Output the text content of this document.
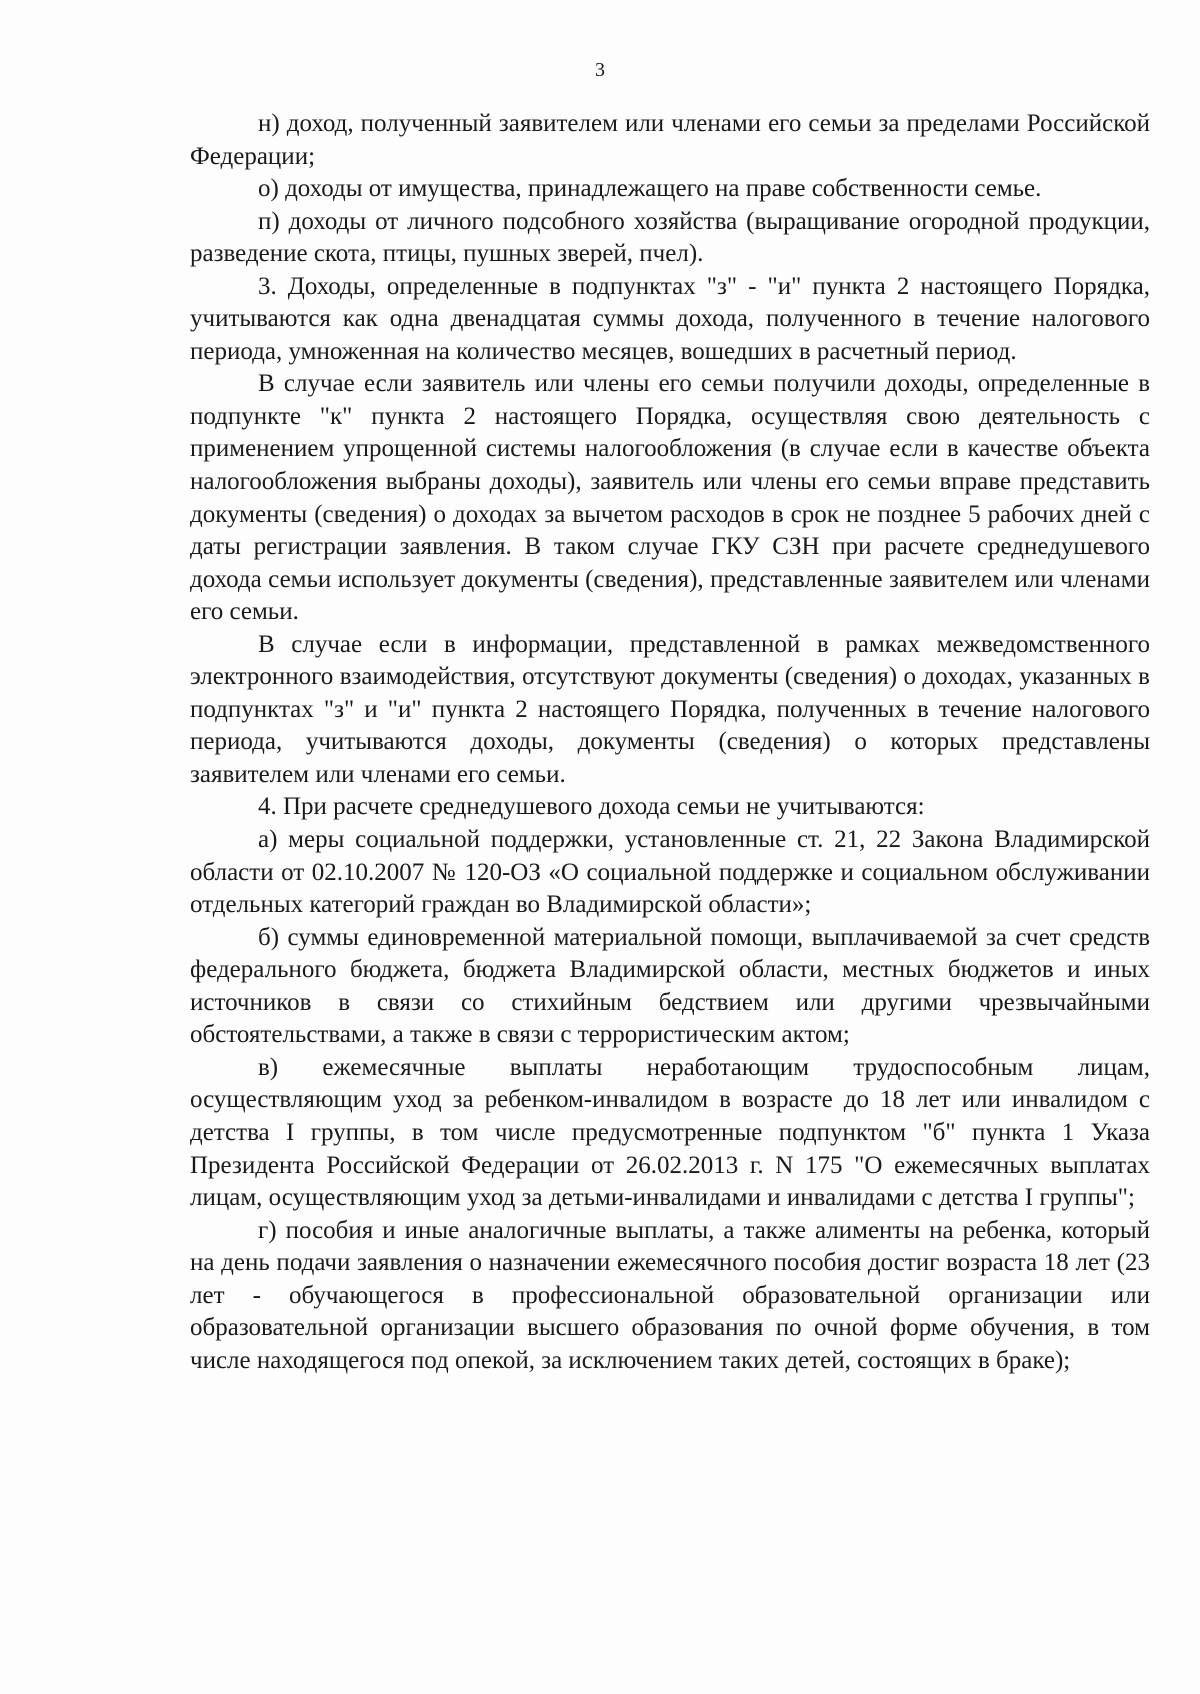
3

н) доход, полученный заявителем или членами его семьи за пределами Российской Федерации;

о) доходы от имущества, принадлежащего на праве собственности семье.

п) доходы от личного подсобного хозяйства (выращивание огородной продукции, разведение скота, птицы, пушных зверей, пчел).

3. Доходы, определенные в подпунктах "з" - "и" пункта 2 настоящего Порядка, учитываются как одна двенадцатая суммы дохода, полученного в течение налогового периода, умноженная на количество месяцев, вошедших в расчетный период.

В случае если заявитель или члены его семьи получили доходы, определенные в подпункте "к" пункта 2 настоящего Порядка, осуществляя свою деятельность с применением упрощенной системы налогообложения (в случае если в качестве объекта налогообложения выбраны доходы), заявитель или члены его семьи вправе представить документы (сведения) о доходах за вычетом расходов в срок не позднее 5 рабочих дней с даты регистрации заявления. В таком случае ГКУ СЗН при расчете среднедушевого дохода семьи использует документы (сведения), представленные заявителем или членами его семьи.

В случае если в информации, представленной в рамках межведомственного электронного взаимодействия, отсутствуют документы (сведения) о доходах, указанных в подпунктах "з" и "и" пункта 2 настоящего Порядка, полученных в течение налогового периода, учитываются доходы, документы (сведения) о которых представлены заявителем или членами его семьи.

4. При расчете среднедушевого дохода семьи не учитываются:

а) меры социальной поддержки, установленные ст. 21, 22 Закона Владимирской области от 02.10.2007 № 120-ОЗ «О социальной поддержке и социальном обслуживании отдельных категорий граждан во Владимирской области»;

б) суммы единовременной материальной помощи, выплачиваемой за счет средств федерального бюджета, бюджета Владимирской области, местных бюджетов и иных источников в связи со стихийным бедствием или другими чрезвычайными обстоятельствами, а также в связи с террористическим актом;

в) ежемесячные выплаты неработающим трудоспособным лицам, осуществляющим уход за ребенком-инвалидом в возрасте до 18 лет или инвалидом с детства I группы, в том числе предусмотренные подпунктом "б" пункта 1 Указа Президента Российской Федерации от 26.02.2013 г. N 175 "О ежемесячных выплатах лицам, осуществляющим уход за детьми-инвалидами и инвалидами с детства I группы";

г) пособия и иные аналогичные выплаты, а также алименты на ребенка, который на день подачи заявления о назначении ежемесячного пособия достиг возраста 18 лет (23 лет - обучающегося в профессиональной образовательной организации или образовательной организации высшего образования по очной форме обучения, в том числе находящегося под опекой, за исключением таких детей, состоящих в браке);
